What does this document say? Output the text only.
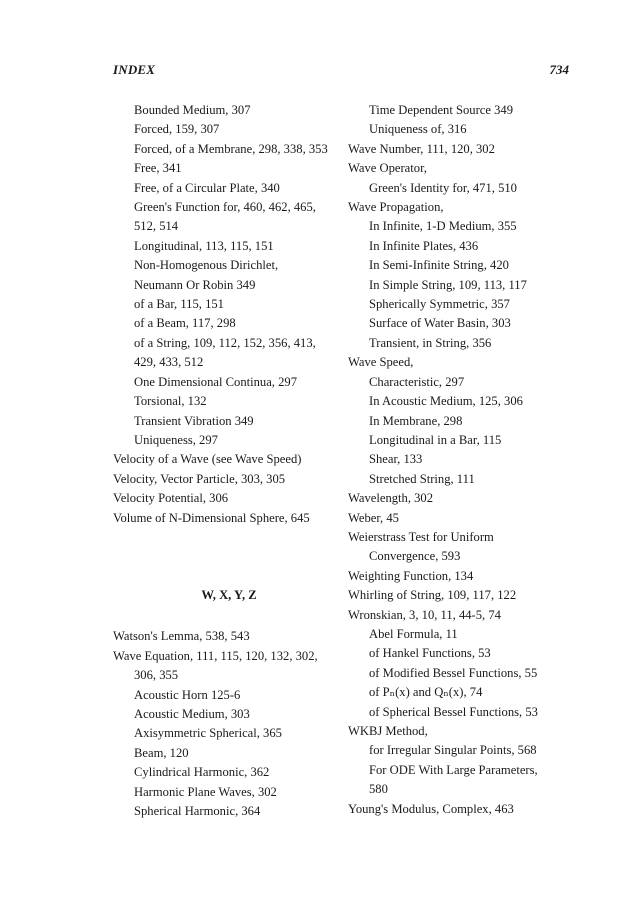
INDEX	734
Bounded Medium, 307
Forced, 159, 307
Forced, of a Membrane, 298, 338, 353
Free, 341
Free, of a Circular Plate, 340
Green's Function for, 460, 462, 465,
512, 514
Longitudinal, 113, 115, 151
Non-Homogenous Dirichlet,
Neumann Or Robin 349
of a Bar, 115, 151
of a Beam, 117, 298
of a String, 109, 112, 152, 356, 413,
429, 433, 512
One Dimensional Continua, 297
Torsional, 132
Transient Vibration 349
Uniqueness, 297
Velocity of a Wave (see Wave Speed)
Velocity, Vector Particle, 303, 305
Velocity Potential, 306
Volume of N-Dimensional Sphere, 645
W, X, Y, Z
Watson's Lemma, 538, 543
Wave Equation, 111, 115, 120, 132, 302,
306, 355
Acoustic Horn 125-6
Acoustic Medium, 303
Axisymmetric Spherical, 365
Beam, 120
Cylindrical Harmonic, 362
Harmonic Plane Waves, 302
Spherical Harmonic, 364
Time Dependent Source 349
Uniqueness of, 316
Wave Number, 111, 120, 302
Wave Operator,
Green's Identity for, 471, 510
Wave Propagation,
In Infinite, 1-D Medium, 355
In Infinite Plates, 436
In Semi-Infinite String, 420
In Simple String, 109, 113, 117
Spherically Symmetric, 357
Surface of Water Basin, 303
Transient, in String, 356
Wave Speed,
Characteristic, 297
In Acoustic Medium, 125, 306
In Membrane, 298
Longitudinal in a Bar, 115
Shear, 133
Stretched String, 111
Wavelength, 302
Weber, 45
Weierstrass Test for Uniform
Convergence, 593
Weighting Function, 134
Whirling of String, 109, 117, 122
Wronskian, 3, 10, 11, 44-5, 74
Abel Formula, 11
of Hankel Functions, 53
of Modified Bessel Functions, 55
of Pₙ(x) and Qₙ(x), 74
of Spherical Bessel Functions, 53
WKBJ Method,
for Irregular Singular Points, 568
For ODE With Large Parameters,
580
Young's Modulus, Complex, 463
